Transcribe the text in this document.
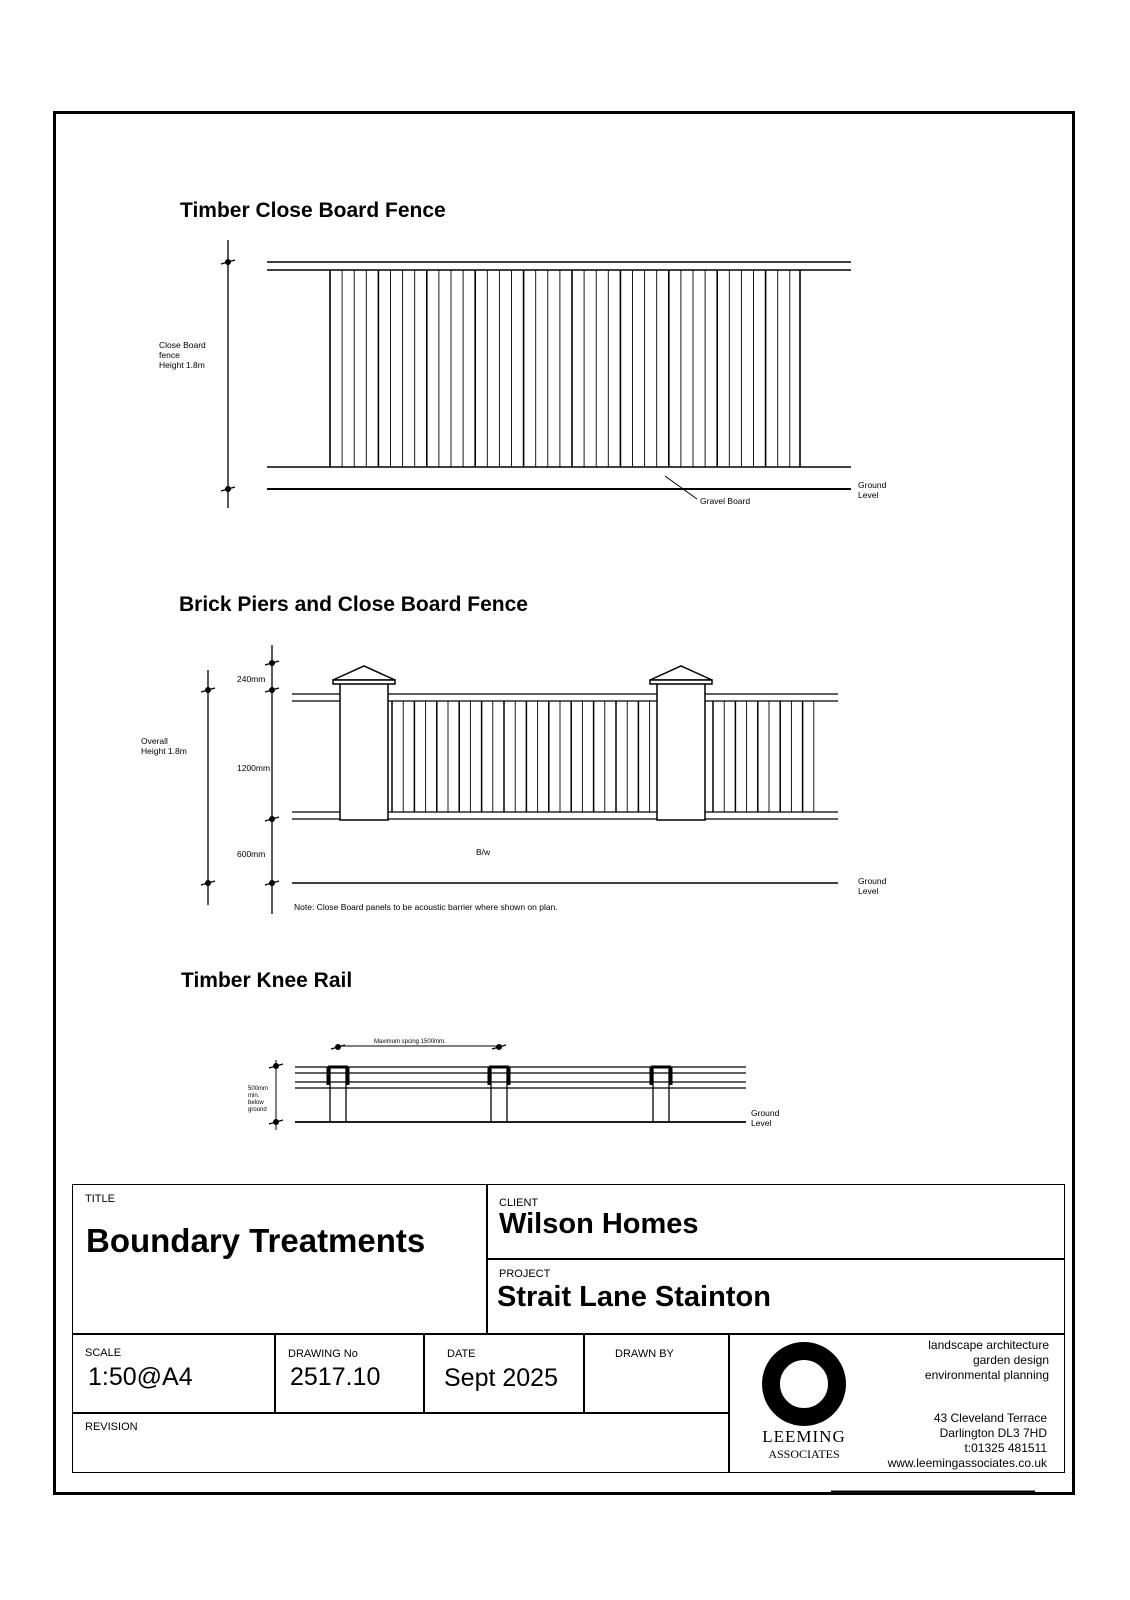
Timber Close Board Fence
Close Board
fence
Height 1.8m
Gravel Board
Ground
Level
Brick Piers and Close Board Fence
Overall
Height 1.8m
240mm
1200mm
600mm	B/w
Ground
Level
Note: Close Board panels to be acoustic barrier where shown on plan.
Timber Knee Rail
Maximum spcing 1500mm.
500mm
min.
below
ground	Ground
Level
TITLE
Boundary Treatments
CLIENT
Wilson Homes
PROJECT
Strait Lane Stainton
SCALE
1:50@A4
DRAWING No
2517.10
DATE
Sept 2025
DRAWN BY
REVISION	LEEMING
ASSOCIATES
landscape architecture
garden design
environmental planning
43 Cleveland Terrace
Darlington DL3 7HD
t:01325 481511
www.leemingassociates.co.uk
